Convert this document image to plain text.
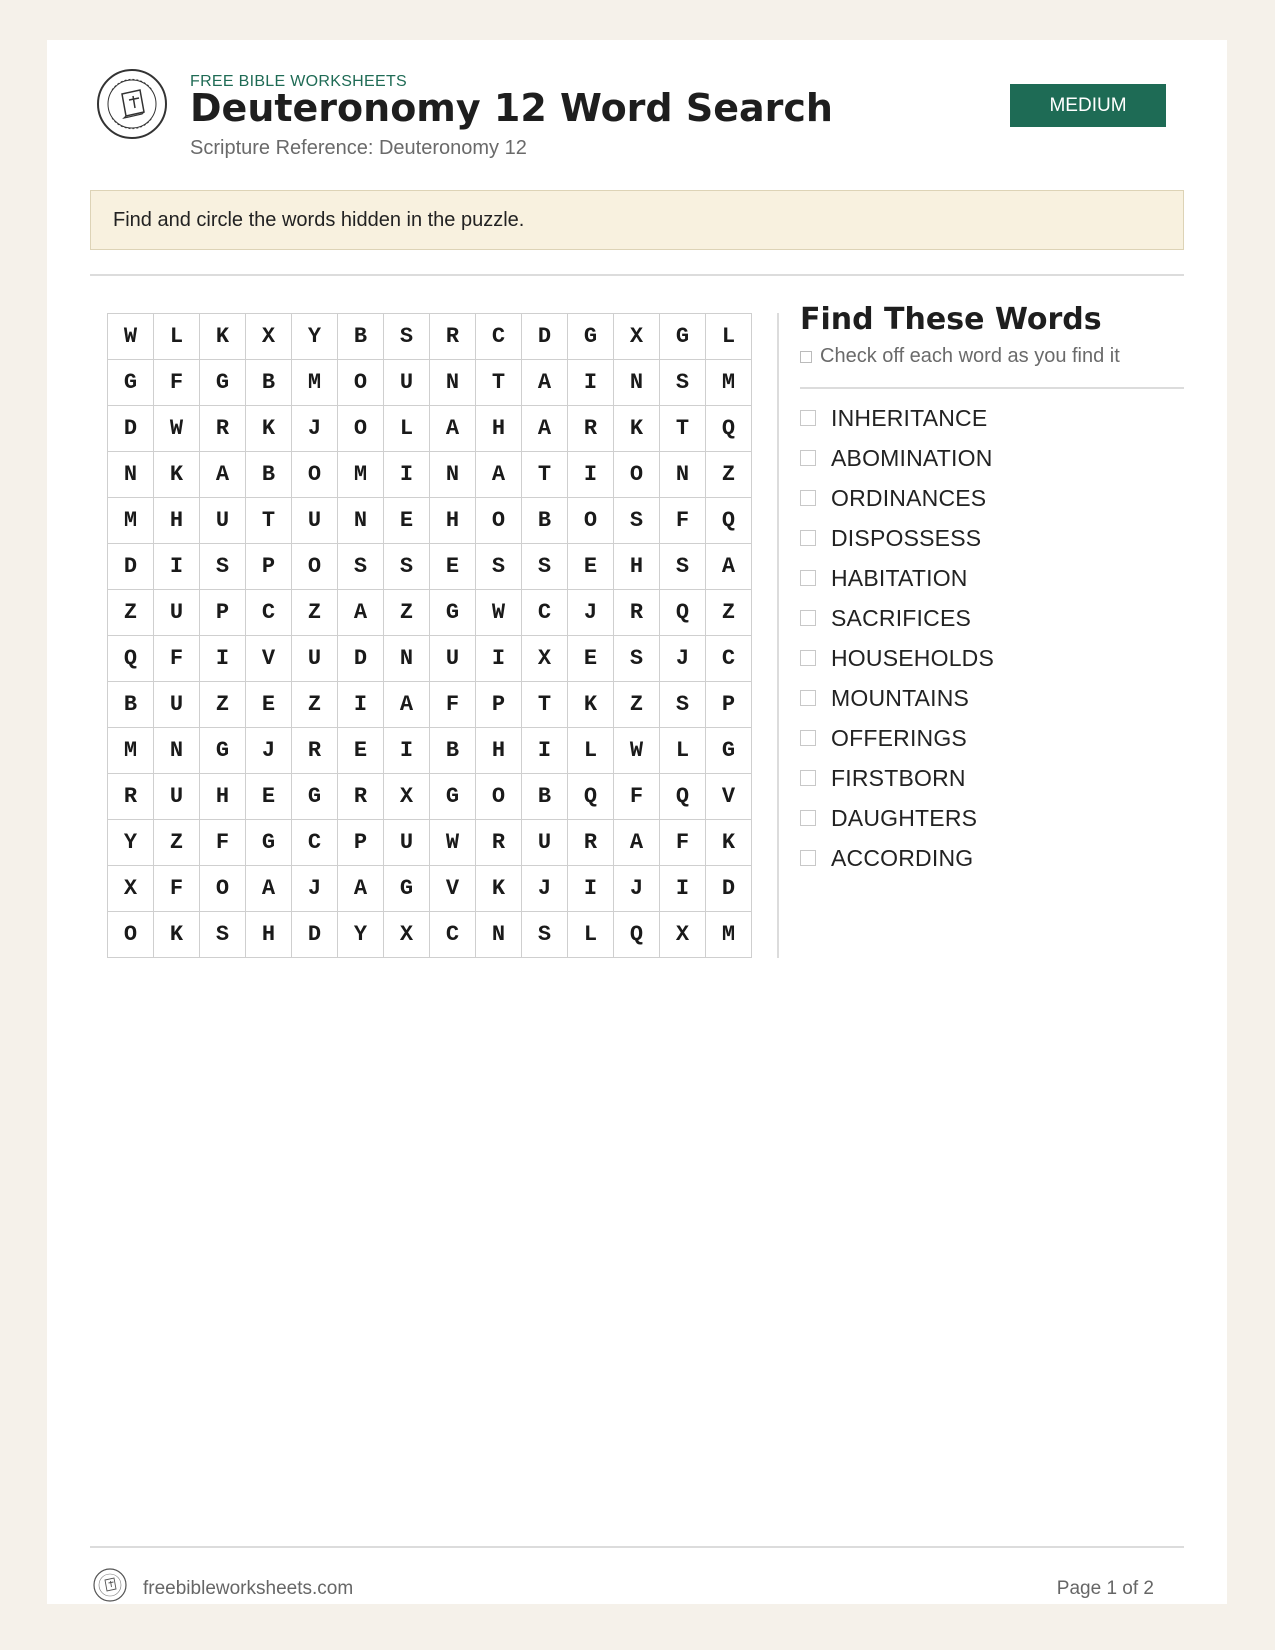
FREE BIBLE WORKSHEETS
Deuteronomy 12 Word Search
Scripture Reference: Deuteronomy 12
MEDIUM
Find and circle the words hidden in the puzzle.
W	L	K	X	Y	B	S	R	C	D	G	X	G	L
G	F	G	B	M	O	U	N	T	A	I	N	S	M
D	W	R	K	J	O	L	A	H	A	R	K	T	Q
N	K	A	B	O	M	I	N	A	T	I	O	N	Z
M	H	U	T	U	N	E	H	O	B	O	S	F	Q
D	I	S	P	O	S	S	E	S	S	E	H	S	A
Z	U	P	C	Z	A	Z	G	W	C	J	R	Q	Z
Q	F	I	V	U	D	N	U	I	X	E	S	J	C
B	U	Z	E	Z	I	A	F	P	T	K	Z	S	P
M	N	G	J	R	E	I	B	H	I	L	W	L	G
R	U	H	E	G	R	X	G	O	B	Q	F	Q	V
Y	Z	F	G	C	P	U	W	R	U	R	A	F	K
X	F	O	A	J	A	G	V	K	J	I	J	I	D
O	K	S	H	D	Y	X	C	N	S	L	Q	X	M
Find These Words
Check off each word as you find it
INHERITANCE
ABOMINATION
ORDINANCES
DISPOSSESS
HABITATION
SACRIFICES
HOUSEHOLDS
MOUNTAINS
OFFERINGS
FIRSTBORN
DAUGHTERS
ACCORDING
freebibleworksheets.com	Page 1 of 2
